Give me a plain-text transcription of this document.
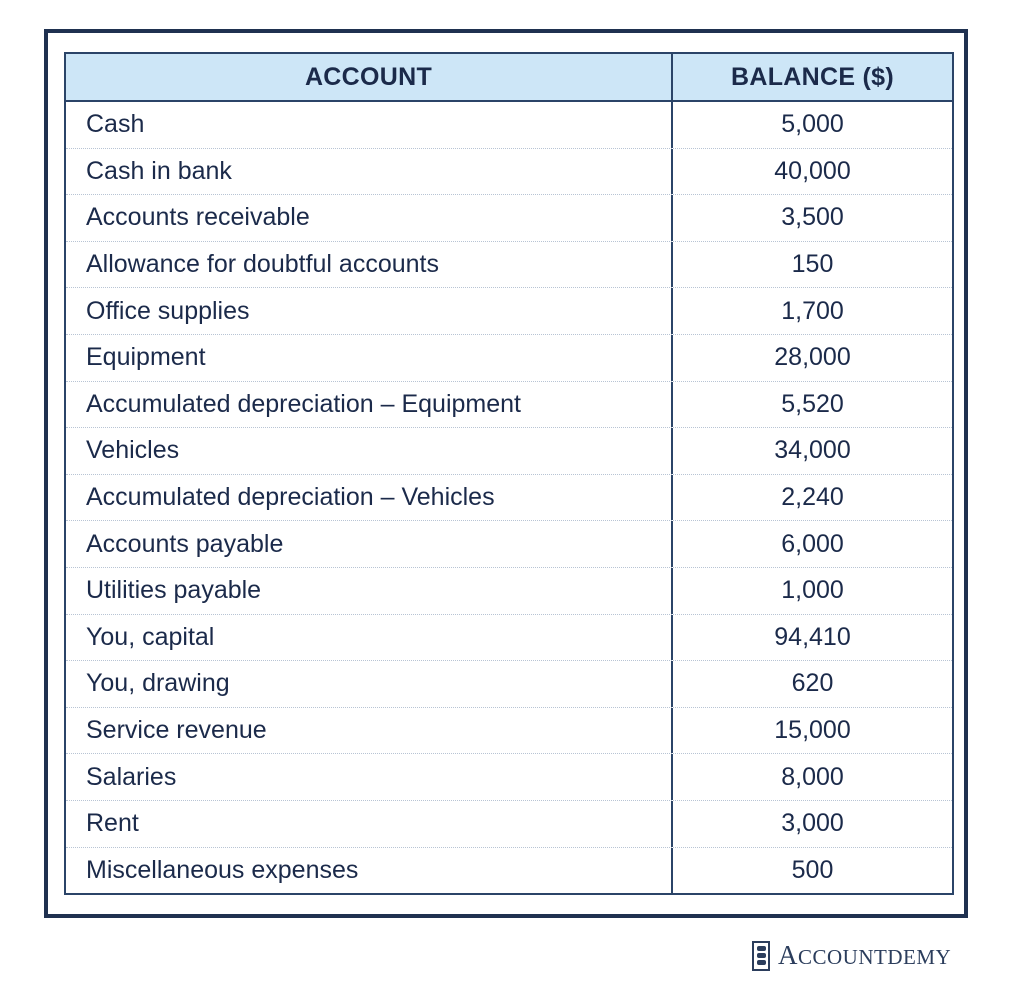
ACCOUNT	BALANCE ($)
Cash	5,000
Cash in bank	40,000
Accounts receivable	3,500
Allowance for doubtful accounts	150
Office supplies	1,700
Equipment	28,000
Accumulated depreciation – Equipment	5,520
Vehicles	34,000
Accumulated depreciation – Vehicles	2,240
Accounts payable	6,000
Utilities payable	1,000
You, capital	94,410
You, drawing	620
Service revenue	15,000
Salaries	8,000
Rent	3,000
Miscellaneous expenses	500
ACCOUNTDEMY
